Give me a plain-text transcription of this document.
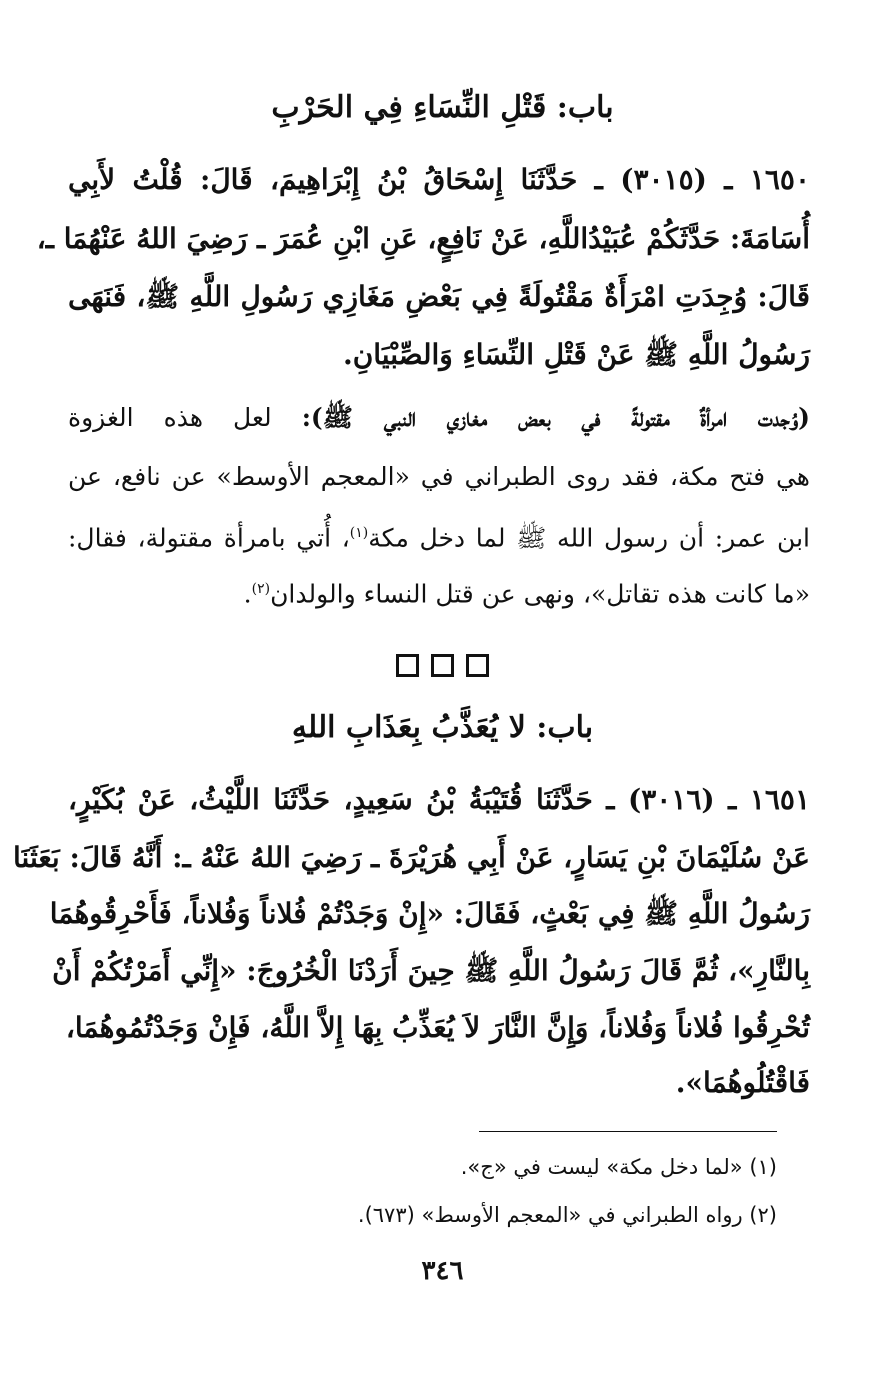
باب: قَتْلِ النِّسَاءِ فِي الحَرْبِ
١٦٥٠ ـ (٣٠١٥) ـ حَدَّثَنَا إِسْحَاقُ بْنُ إِبْرَاهِيمَ، قَالَ: قُلْتُ لأَبِي
أُسَامَةَ: حَدَّثَكُمْ عُبَيْدُاللَّهِ، عَنْ نَافِعٍ، عَنِ ابْنِ عُمَرَ ـ رَضِيَ اللهُ عَنْهُمَا ـ،
قَالَ: وُجِدَتِ امْرَأَةٌ مَقْتُولَةً فِي بَعْضِ مَغَازِي رَسُولِ اللَّهِ ﷺ، فَنَهَى
رَسُولُ اللَّهِ ﷺ عَنْ قَتْلِ النِّسَاءِ وَالصِّبْيَانِ.
(وُجدت امرأةٌ مقتولةً في بعض مغازي النبي ﷺ): لعل هذه الغزوة
هي فتح مكة، فقد روى الطبراني في «المعجم الأوسط» عن نافع، عن
ابن عمر: أن رسول الله ﷺ لما دخل مكة$^{(١)}$، أُتي بامرأة مقتولة، فقال:
«ما كانت هذه تقاتل»، ونهى عن قتل النساء والولدان$^{(٢)}$.
باب: لا يُعَذَّبُ بِعَذَابِ اللهِ
١٦٥١ ـ (٣٠١٦) ـ حَدَّثَنَا قُتَيْبَةُ بْنُ سَعِيدٍ، حَدَّثَنَا اللَّيْثُ، عَنْ بُكَيْرٍ،
عَنْ سُلَيْمَانَ بْنِ يَسَارٍ، عَنْ أَبِي هُرَيْرَةَ ـ رَضِيَ اللهُ عَنْهُ ـ: أَنَّهُ قَالَ: بَعَثَنَا
رَسُولُ اللَّهِ ﷺ فِي بَعْثٍ، فَقَالَ: «إِنْ وَجَدْتُمْ فُلاناً وَفُلاناً، فَأَحْرِقُوهُمَا
بِالنَّارِ»، ثُمَّ قَالَ رَسُولُ اللَّهِ ﷺ حِينَ أَرَدْنَا الْخُرُوجَ: «إِنِّي أَمَرْتُكُمْ أَنْ
تُحْرِقُوا فُلاناً وَفُلاناً، وَإِنَّ النَّارَ لاَ يُعَذِّبُ بِهَا إِلاَّ اللَّهُ، فَإِنْ وَجَدْتُمُوهُمَا،
فَاقْتُلُوهُمَا».
(١) «لما دخل مكة» ليست في «ج».
(٢) رواه الطبراني في «المعجم الأوسط» (٦٧٣).
٣٤٦
